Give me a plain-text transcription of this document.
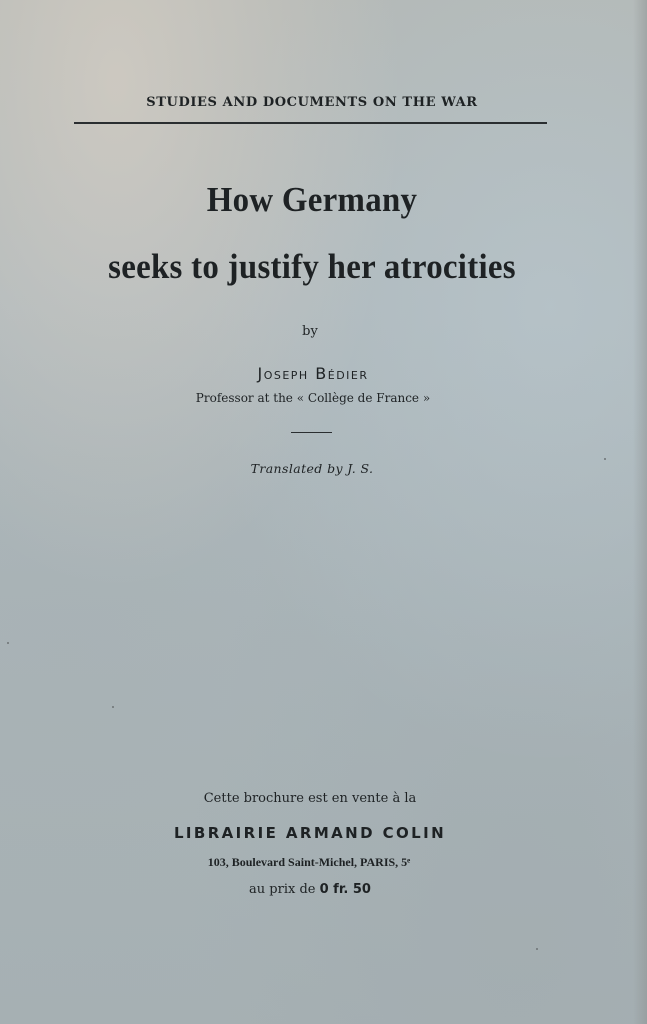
STUDIES AND DOCUMENTS ON THE WAR
How Germany
seeks to justify her atrocities
by
Joseph Bédier
Professor at the « Collège de France »
Translated by J. S.
Cette brochure est en vente à la
LIBRAIRIE ARMAND COLIN
103, Boulevard Saint-Michel, PARIS, 5ᵉ
au prix de 0 fr. 50
